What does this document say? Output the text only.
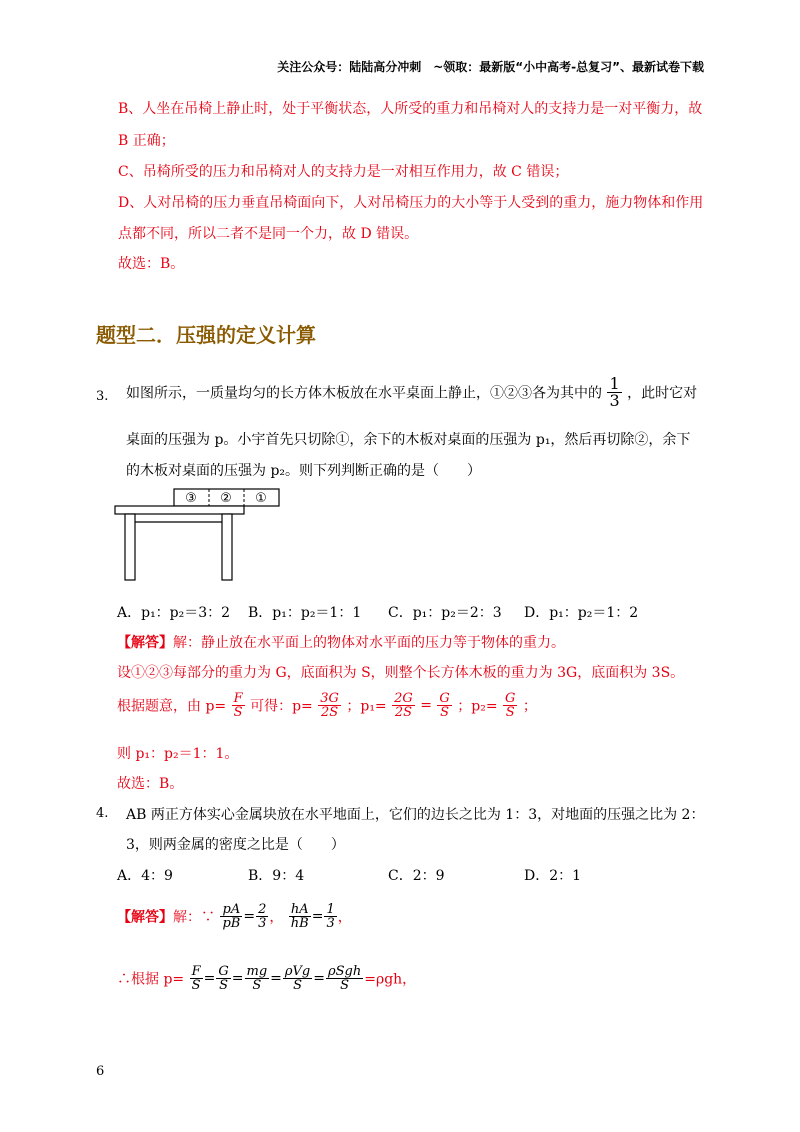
关注公众号：陆陆高分冲刺　~领取：最新版“小中高考-总复习”、最新试卷下载
B、人坐在吊椅上静止时，处于平衡状态，人所受的重力和吊椅对人的支持力是一对平衡力，故
B 正确；
C、吊椅所受的压力和吊椅对人的支持力是一对相互作用力，故 C 错误；
D、人对吊椅的压力垂直吊椅面向下，人对吊椅压力的大小等于人受到的重力，施力物体和作用
点都不同，所以二者不是同一个力，故 D 错误。
故选：B。
题型二．压强的定义计算
3. 如图所示，一质量均匀的长方体木板放在水平桌面上静止，①②③各为其中的 $\frac{1}{3}$ ，此时它对
桌面的压强为 p。小宇首先只切除①，余下的木板对桌面的压强为 p₁，然后再切除②，余下
的木板对桌面的压强为 p₂。则下列判断正确的是（　　）
③ ② ①
A．p₁：p₂＝3：2 B．p₁：p₂＝1：1 C．p₁：p₂＝2：3 D．p₁：p₂＝1：2
【解答】解：静止放在水平面上的物体对水平面的压力等于物体的重力。
设①②③每部分的重力为 G，底面积为 S，则整个长方体木板的重力为 3G，底面积为 3S。
根据题意，由 $p= \frac{F}{S}$ 可得：$p= \frac{3G}{2S}$ ；$p_1= \frac{2G}{2S} = \frac{G}{S}$ ；$p_2= \frac{G}{S}$ ；
则 p₁：p₂＝1：1。
故选：B。
4. AB 两正方体实心金属块放在水平地面上，它们的边长之比为 1：3，对地面的压强之比为 2：
3，则两金属的密度之比是（　　）
A．4：9	B．9：4	C．2：9	D．2：1
【解答】解：∵ $\frac{pA}{pB} = \frac{2}{3}$ ， $\frac{hA}{hB} = \frac{1}{3}$ ，
∴根据 $p= \frac{F}{S} = \frac{G}{S} = \frac{mg}{S} = \frac{\text{ρVg}}{S} = \frac{\text{ρSgh}}{S} =\rho gh$，
6
